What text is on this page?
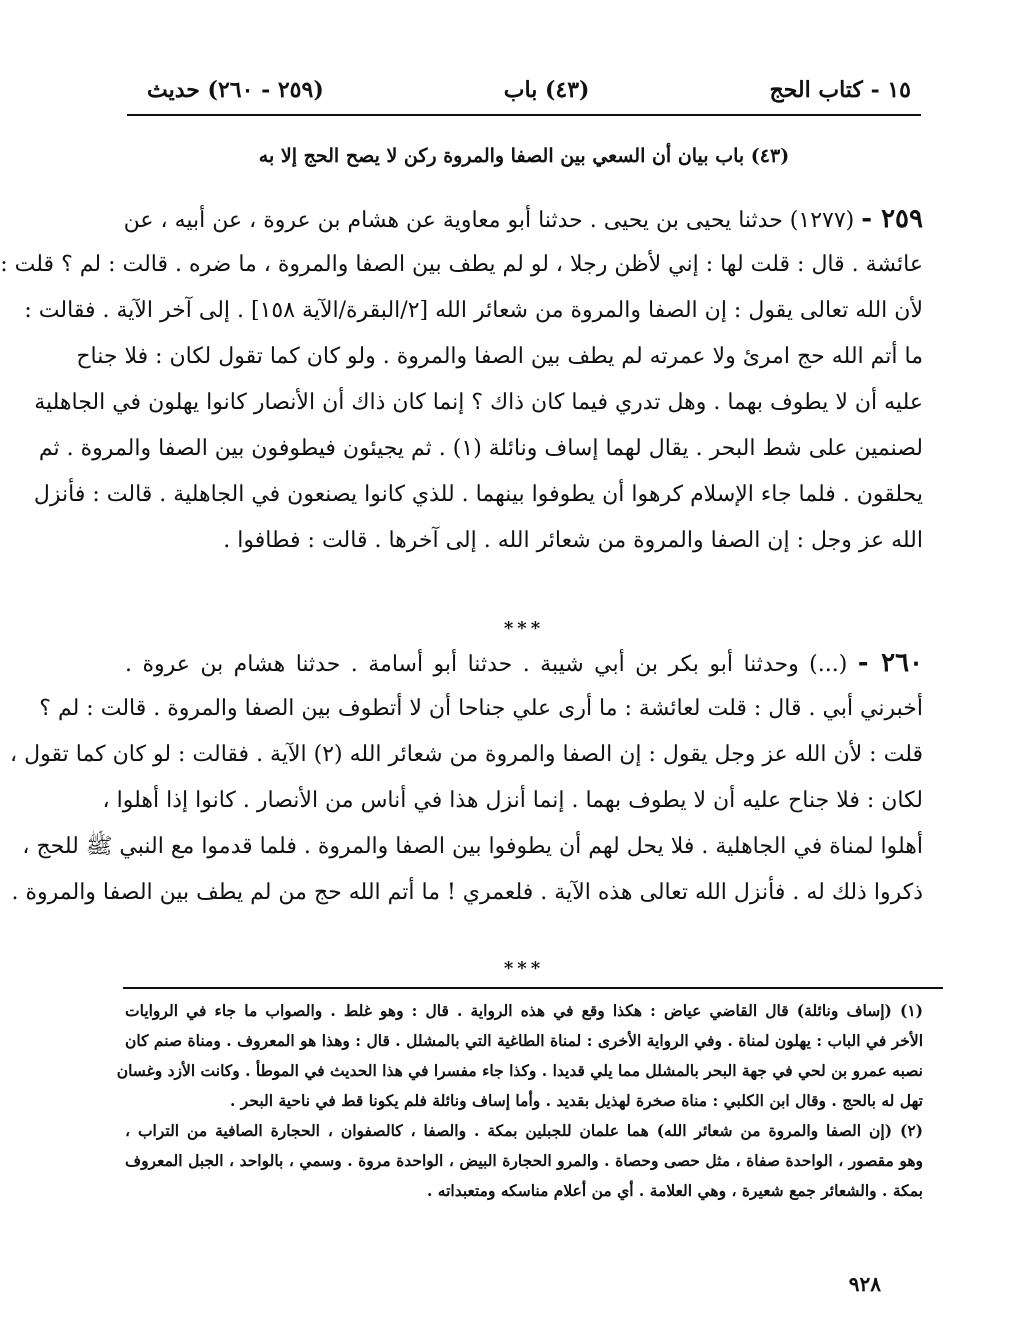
١٥ - كتاب الحج
(٤٣) باب
(٢٥٩ - ٢٦٠) حديث
(٤٣) باب بيان أن السعي بين الصفا والمروة ركن لا يصح الحج إلا به
٢٥٩ - (١٢٧٧) حدثنا يحيى بن يحيى . حدثنا أبو معاوية عن هشام بن عروة ، عن أبيه ، عن
عائشة . قال : قلت لها : إني لأظن رجلا ، لو لم يطف بين الصفا والمروة ، ما ضره . قالت : لم ؟ قلت :
لأن الله تعالى يقول : إن الصفا والمروة من شعائر الله [٢/البقرة/الآية ١٥٨] . إلى آخر الآية . فقالت :
ما أتم الله حج امرئ ولا عمرته لم يطف بين الصفا والمروة . ولو كان كما تقول لكان : فلا جناح
عليه أن لا يطوف بهما . وهل تدري فيما كان ذاك ؟ إنما كان ذاك أن الأنصار كانوا يهلون في الجاهلية
لصنمين على شط البحر . يقال لهما إساف ونائلة (١) . ثم يجيئون فيطوفون بين الصفا والمروة . ثم
يحلقون . فلما جاء الإسلام كرهوا أن يطوفوا بينهما . للذي كانوا يصنعون في الجاهلية . قالت : فأنزل
الله عز وجل : إن الصفا والمروة من شعائر الله . إلى آخرها . قالت : فطافوا .
***
٢٦٠ - (...) وحدثنا أبو بكر بن أبي شيبة . حدثنا أبو أسامة . حدثنا هشام بن عروة .
أخبرني أبي . قال : قلت لعائشة : ما أرى علي جناحا أن لا أتطوف بين الصفا والمروة . قالت : لم ؟
قلت : لأن الله عز وجل يقول : إن الصفا والمروة من شعائر الله (٢) الآية . فقالت : لو كان كما تقول ،
لكان : فلا جناح عليه أن لا يطوف بهما . إنما أنزل هذا في أناس من الأنصار . كانوا إذا أهلوا ،
أهلوا لمناة في الجاهلية . فلا يحل لهم أن يطوفوا بين الصفا والمروة . فلما قدموا مع النبي ﷺ للحج ،
ذكروا ذلك له . فأنزل الله تعالى هذه الآية . فلعمري ! ما أتم الله حج من لم يطف بين الصفا والمروة .
***
(١) (إساف ونائلة) قال القاضي عياض : هكذا وقع في هذه الرواية . قال : وهو غلط . والصواب ما جاء في الروايات
الأخر في الباب : يهلون لمناة . وفي الرواية الأخرى : لمناة الطاغية التي بالمشلل . قال : وهذا هو المعروف . ومناة صنم كان
نصبه عمرو بن لحي في جهة البحر بالمشلل مما يلي قديدا . وكذا جاء مفسرا في هذا الحديث في الموطأ . وكانت الأزد وغسان
تهل له بالحج . وقال ابن الكلبي : مناة صخرة لهذيل بقديد . وأما إساف ونائلة فلم يكونا قط في ناحية البحر .
(٢) (إن الصفا والمروة من شعائر الله) هما علمان للجبلين بمكة . والصفا ، كالصفوان ، الحجارة الصافية من التراب ،
وهو مقصور ، الواحدة صفاة ، مثل حصى وحصاة . والمرو الحجارة البيض ، الواحدة مروة . وسمي ، بالواحد ، الجبل المعروف
بمكة . والشعائر جمع شعيرة ، وهي العلامة . أي من أعلام مناسكه ومتعبداته .
٩٢٨
